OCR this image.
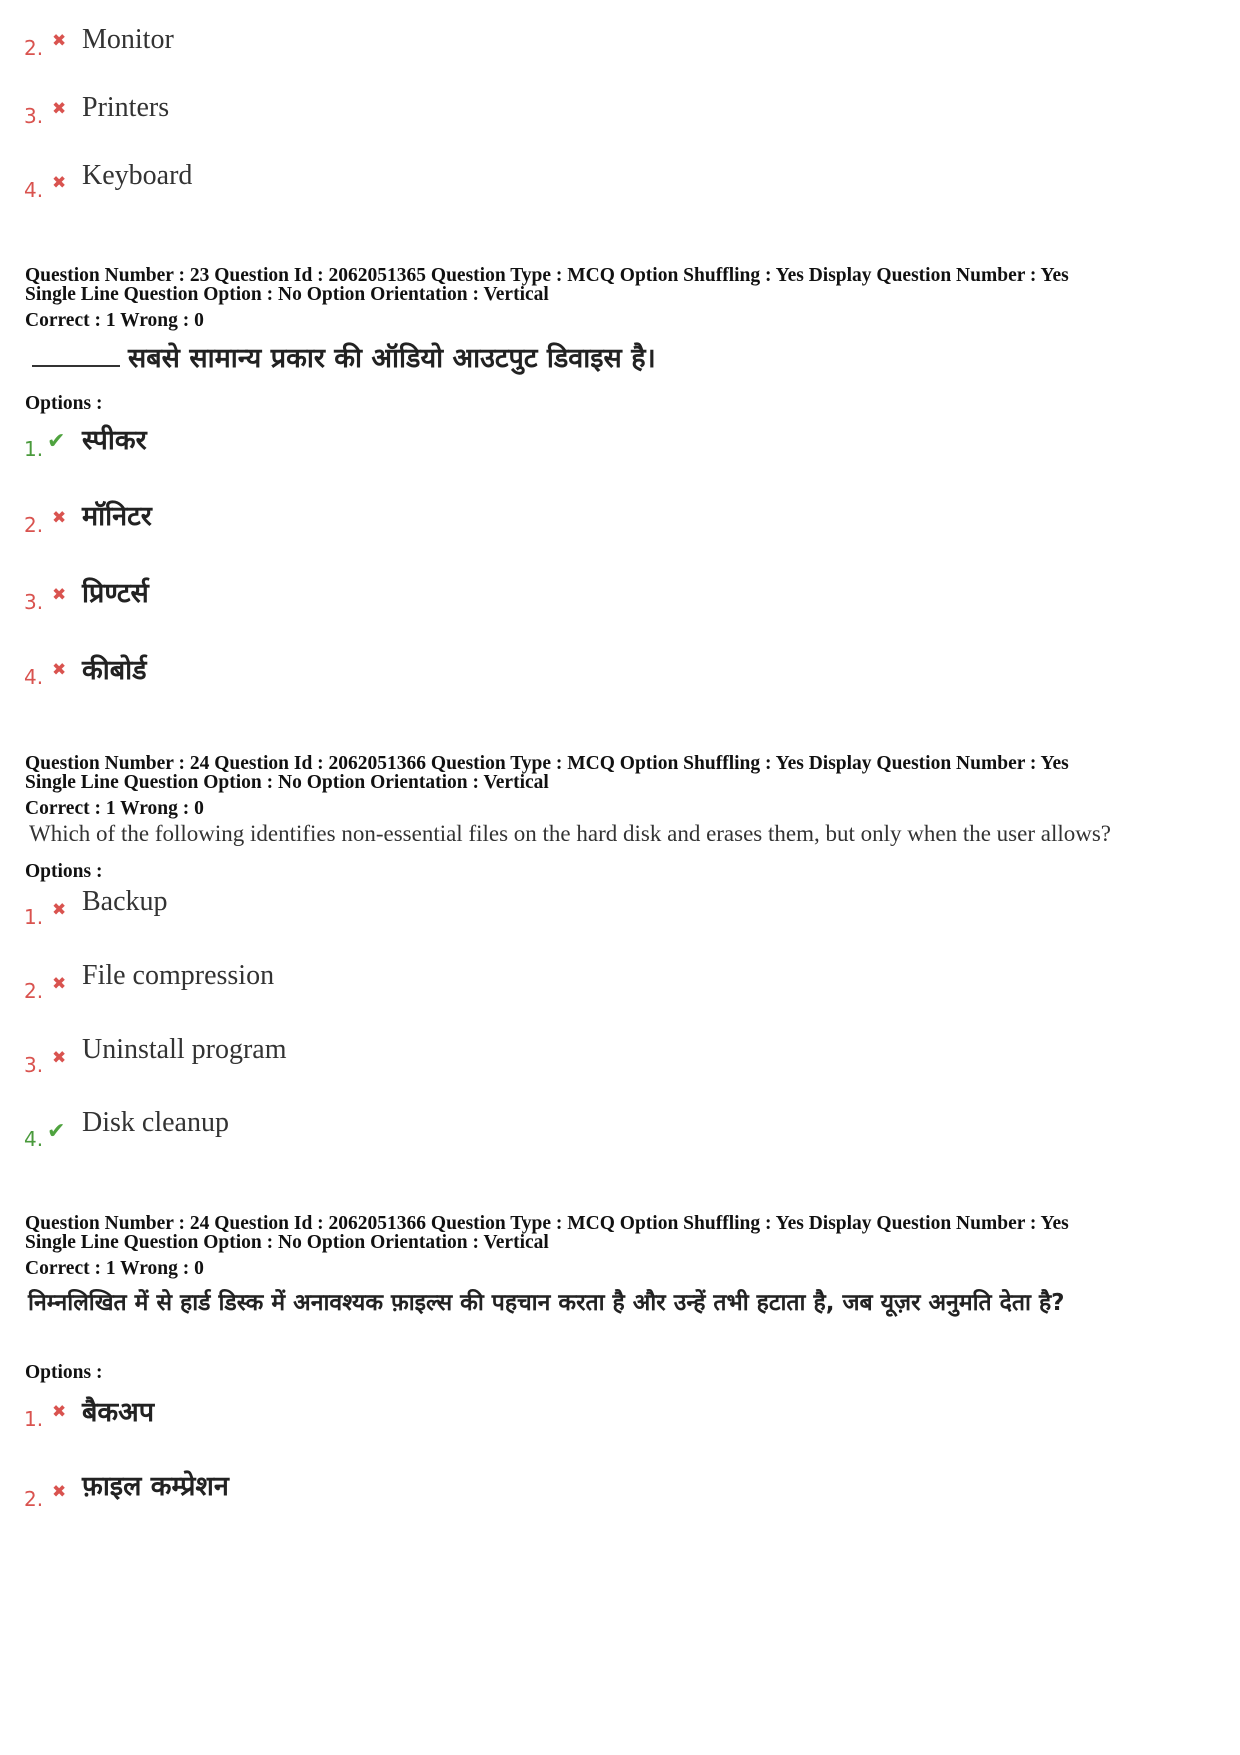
2. ✖ Monitor
3. ✖ Printers
4. ✖ Keyboard
Question Number : 23 Question Id : 2062051365 Question Type : MCQ Option Shuffling : Yes Display Question Number : Yes
Single Line Question Option : No Option Orientation : Vertical
Correct : 1 Wrong : 0
सबसे सामान्य प्रकार की ऑडियो आउटपुट डिवाइस है।
Options :
1. ✔ स्पीकर
2. ✖ मॉनिटर
3. ✖ प्रिण्टर्स
4. ✖ कीबोर्ड
Question Number : 24 Question Id : 2062051366 Question Type : MCQ Option Shuffling : Yes Display Question Number : Yes
Single Line Question Option : No Option Orientation : Vertical
Correct : 1 Wrong : 0
Which of the following identifies non-essential files on the hard disk and erases them, but only when the user allows?
Options :
1. ✖ Backup
2. ✖ File compression
3. ✖ Uninstall program
4. ✔ Disk cleanup
Question Number : 24 Question Id : 2062051366 Question Type : MCQ Option Shuffling : Yes Display Question Number : Yes
Single Line Question Option : No Option Orientation : Vertical
Correct : 1 Wrong : 0
निम्नलिखित में से हार्ड डिस्क में अनावश्यक फ़ाइल्स की पहचान करता है और उन्हें तभी हटाता है, जब यूज़र अनुमति देता है?
Options :
1. ✖ बैकअप
2. ✖ फ़ाइल कम्प्रेशन
